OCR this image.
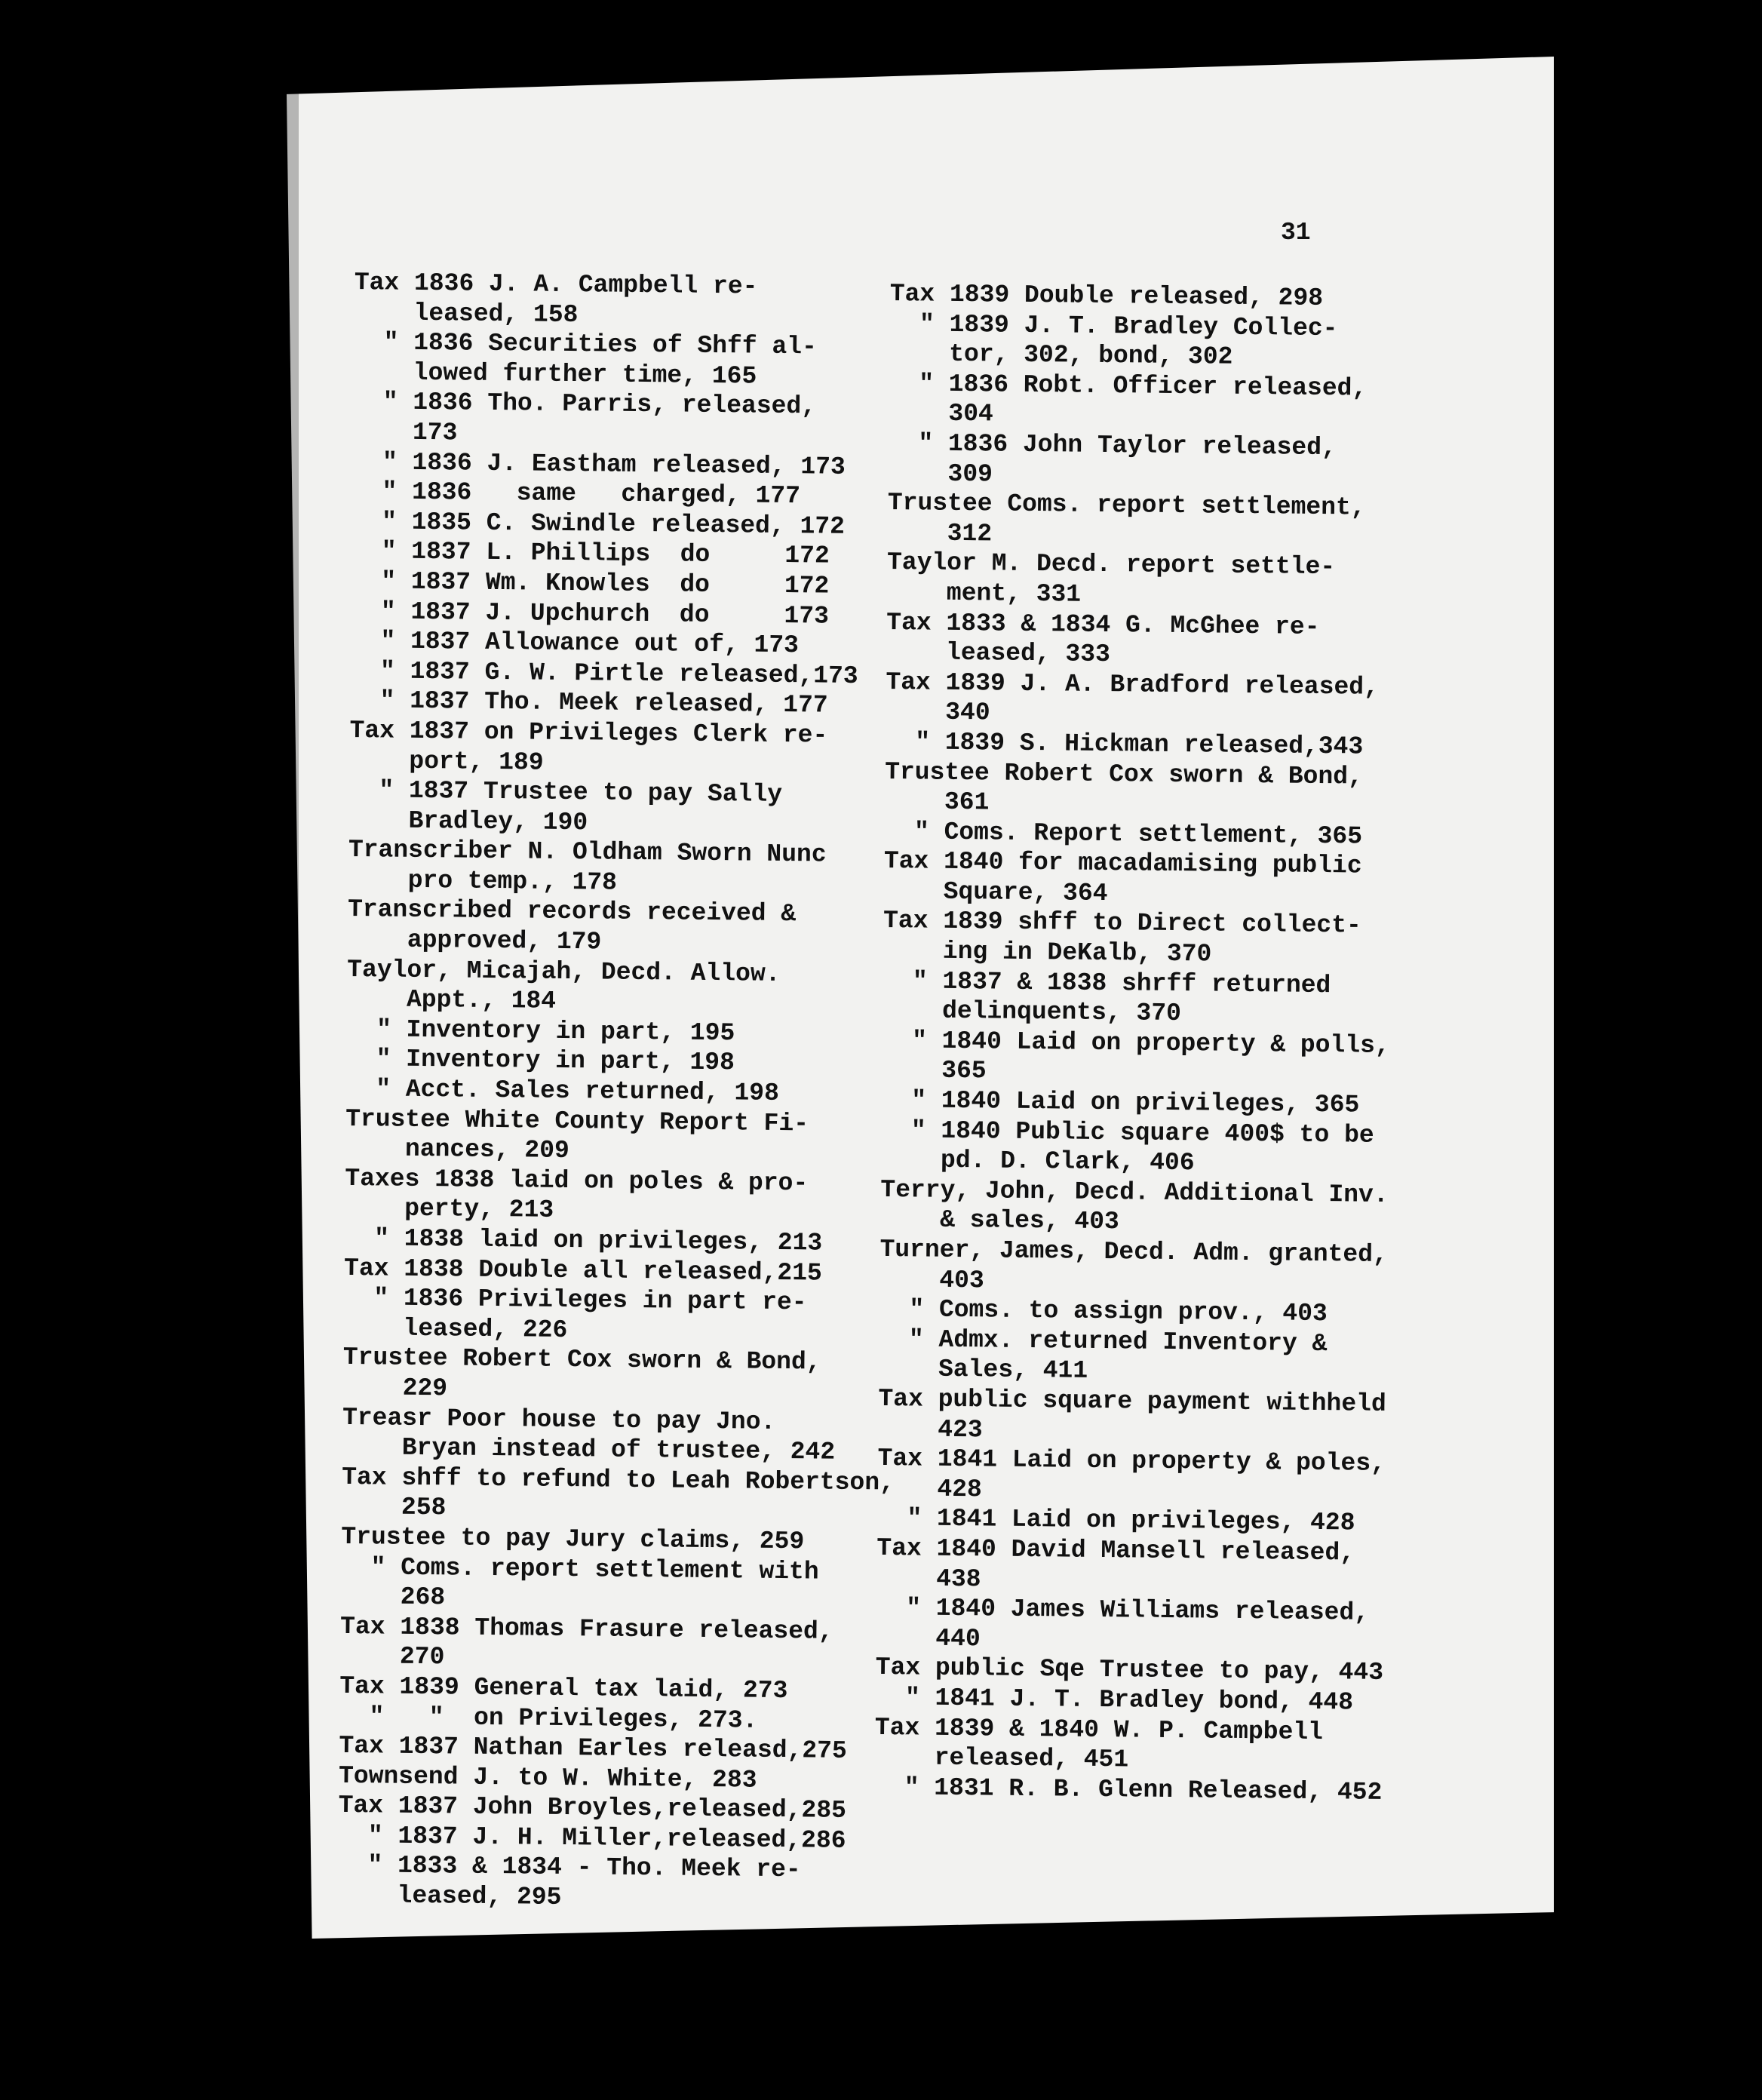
31
Tax 1836 J. A. Campbell re-
leased, 158
" 1836 Securities of Shff al-
lowed further time, 165
" 1836 Tho. Parris, released,
173
" 1836 J. Eastham released, 173
" 1836   same   charged, 177
" 1835 C. Swindle released, 172
" 1837 L. Phillips  do     172
" 1837 Wm. Knowles  do     172
" 1837 J. Upchurch  do     173
" 1837 Allowance out of, 173
" 1837 G. W. Pirtle released,173
" 1837 Tho. Meek released, 177
Tax 1837 on Privileges Clerk re-
port, 189
" 1837 Trustee to pay Sally
Bradley, 190
Transcriber N. Oldham Sworn Nunc
pro temp., 178
Transcribed records received &
approved, 179
Taylor, Micajah, Decd. Allow.
Appt., 184
" Inventory in part, 195
" Inventory in part, 198
" Acct. Sales returned, 198
Trustee White County Report Fi-
nances, 209
Taxes 1838 laid on poles & pro-
perty, 213
" 1838 laid on privileges, 213
Tax 1838 Double all released,215
" 1836 Privileges in part re-
leased, 226
Trustee Robert Cox sworn & Bond,
229
Treasr Poor house to pay Jno.
Bryan instead of trustee, 242
Tax shff to refund to Leah Robertson,
258
Trustee to pay Jury claims, 259
" Coms. report settlement with
268
Tax 1838 Thomas Frasure released,
270
Tax 1839 General tax laid, 273
"   "  on Privileges, 273.
Tax 1837 Nathan Earles releasd,275
Townsend J. to W. White, 283
Tax 1837 John Broyles,released,285
" 1837 J. H. Miller,released,286
" 1833 & 1834 - Tho. Meek re-
leased, 295
Tax 1839 Double released, 298
" 1839 J. T. Bradley Collec-
tor, 302, bond, 302
" 1836 Robt. Officer released,
304
" 1836 John Taylor released,
309
Trustee Coms. report settlement,
312
Taylor M. Decd. report settle-
ment, 331
Tax 1833 & 1834 G. McGhee re-
leased, 333
Tax 1839 J. A. Bradford released,
340
" 1839 S. Hickman released,343
Trustee Robert Cox sworn & Bond,
361
" Coms. Report settlement, 365
Tax 1840 for macadamising public
Square, 364
Tax 1839 shff to Direct collect-
ing in DeKalb, 370
" 1837 & 1838 shrff returned
delinquents, 370
" 1840 Laid on property & polls,
365
" 1840 Laid on privileges, 365
" 1840 Public square 400$ to be
pd. D. Clark, 406
Terry, John, Decd. Additional Inv.
& sales, 403
Turner, James, Decd. Adm. granted,
403
" Coms. to assign prov., 403
" Admx. returned Inventory &
Sales, 411
Tax public square payment withheld
423
Tax 1841 Laid on property & poles,
428
" 1841 Laid on privileges, 428
Tax 1840 David Mansell released,
438
" 1840 James Williams released,
440
Tax public Sqe Trustee to pay, 443
" 1841 J. T. Bradley bond, 448
Tax 1839 & 1840 W. P. Campbell
released, 451
" 1831 R. B. Glenn Released, 452
